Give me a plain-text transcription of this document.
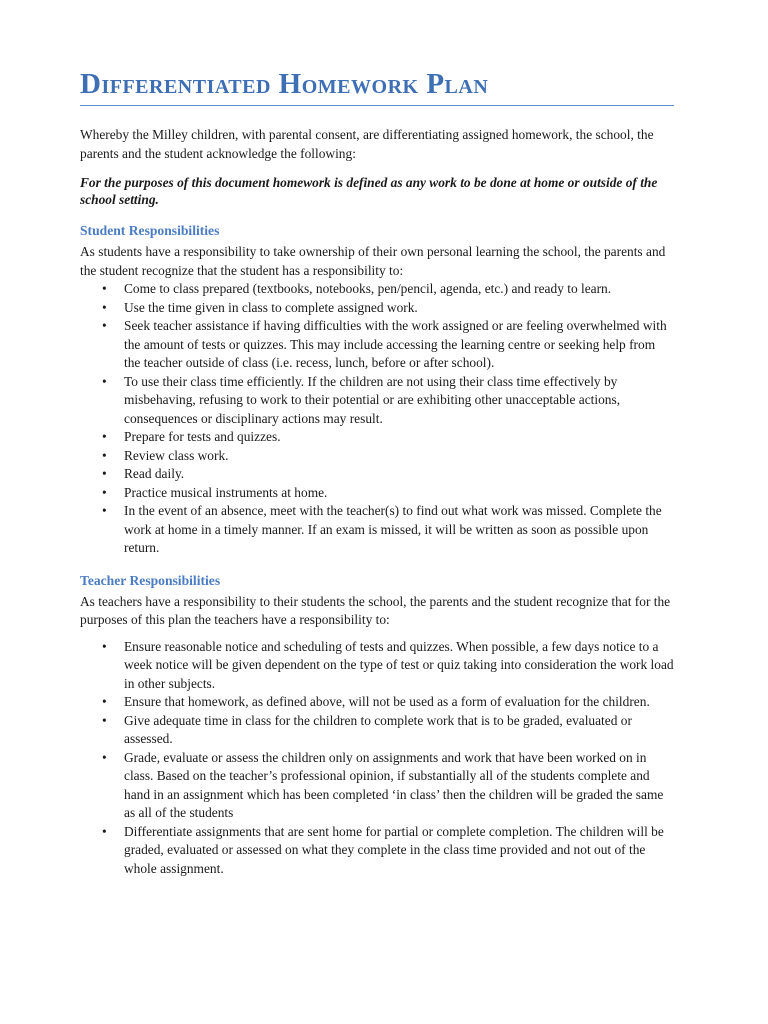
Differentiated Homework Plan

Whereby the Milley children, with parental consent, are differentiating assigned homework, the school, the parents and the student acknowledge the following:

For the purposes of this document homework is defined as any work to be done at home or outside of the school setting.

Student Responsibilities

As students have a responsibility to take ownership of their own personal learning the school, the parents and the student recognize that the student has a responsibility to:

• Come to class prepared (textbooks, notebooks, pen/pencil, agenda, etc.) and ready to learn.
• Use the time given in class to complete assigned work.
• Seek teacher assistance if having difficulties with the work assigned or are feeling overwhelmed with the amount of tests or quizzes. This may include accessing the learning centre or seeking help from the teacher outside of class (i.e. recess, lunch, before or after school).
• To use their class time efficiently. If the children are not using their class time effectively by misbehaving, refusing to work to their potential or are exhibiting other unacceptable actions, consequences or disciplinary actions may result.
• Prepare for tests and quizzes.
• Review class work.
• Read daily.
• Practice musical instruments at home.
• In the event of an absence, meet with the teacher(s) to find out what work was missed. Complete the work at home in a timely manner. If an exam is missed, it will be written as soon as possible upon return.
Teacher Responsibilities

As teachers have a responsibility to their students the school, the parents and the student recognize that for the purposes of this plan the teachers have a responsibility to:

• Ensure reasonable notice and scheduling of tests and quizzes. When possible, a few days notice to a week notice will be given dependent on the type of test or quiz taking into consideration the work load in other subjects.
• Ensure that homework, as defined above, will not be used as a form of evaluation for the children.
• Give adequate time in class for the children to complete work that is to be graded, evaluated or assessed.
• Grade, evaluate or assess the children only on assignments and work that have been worked on in class. Based on the teacher’s professional opinion, if substantially all of the students complete and hand in an assignment which has been completed ‘in class’ then the children will be graded the same as all of the students
• Differentiate assignments that are sent home for partial or complete completion. The children will be graded, evaluated or assessed on what they complete in the class time provided and not out of the whole assignment.
